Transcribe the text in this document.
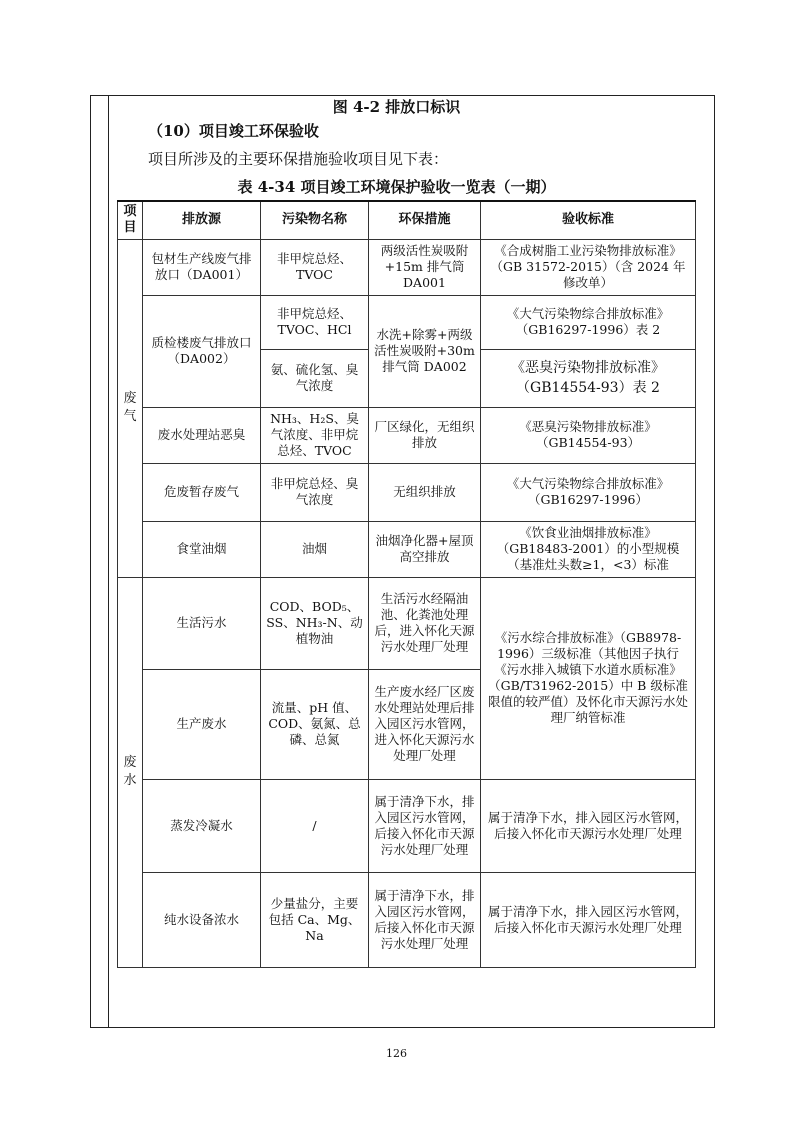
图 4-2 排放口标识
（10）项目竣工环保验收
项目所涉及的主要环保措施验收项目见下表：
表 4-34 项目竣工环境保护验收一览表（一期）
项目	排放源	污染物名称	环保措施	验收标准
废气	包材生产线废气排放口（DA001）	非甲烷总烃、TVOC	两级活性炭吸附+15m 排气筒 DA001	《合成树脂工业污染物排放标准》（GB 31572-2015）（含 2024 年修改单）
	质检楼废气排放口（DA002）	非甲烷总烃、TVOC、HCl	水洗+除雾+两级活性炭吸附+30m 排气筒 DA002	《大气污染物综合排放标准》（GB16297-1996）表 2
		氨、硫化氢、臭气浓度		《恶臭污染物排放标准》（GB14554-93）表 2
	废水处理站恶臭	NH₃、H₂S、臭气浓度、非甲烷总烃、TVOC	厂区绿化，无组织排放	《恶臭污染物排放标准》（GB14554-93）
	危废暂存废气	非甲烷总烃、臭气浓度	无组织排放	《大气污染物综合排放标准》（GB16297-1996）
	食堂油烟	油烟	油烟净化器+屋顶高空排放	《饮食业油烟排放标准》（GB18483-2001）的小型规模（基准灶头数≥1，<3）标准
废水	生活污水	COD、BOD₅、SS、NH₃-N、动植物油	生活污水经隔油池、化粪池处理后，进入怀化天源污水处理厂处理	《污水综合排放标准》（GB8978-1996）三级标准（其他因子执行《污水排入城镇下水道水质标准》（GB/T31962-2015）中 B 级标准限值的较严值）及怀化市天源污水处理厂纳管标准
	生产废水	流量、pH 值、COD、氨氮、总磷、总氮	生产废水经厂区废水处理站处理后排入园区污水管网，进入怀化天源污水处理厂处理	
	蒸发冷凝水	/	属于清净下水，排入园区污水管网，后接入怀化市天源污水处理厂处理	属于清净下水，排入园区污水管网，后接入怀化市天源污水处理厂处理
	纯水设备浓水	少量盐分，主要包括 Ca、Mg、Na	属于清净下水，排入园区污水管网，后接入怀化市天源污水处理厂处理	属于清净下水，排入园区污水管网，后接入怀化市天源污水处理厂处理
126
